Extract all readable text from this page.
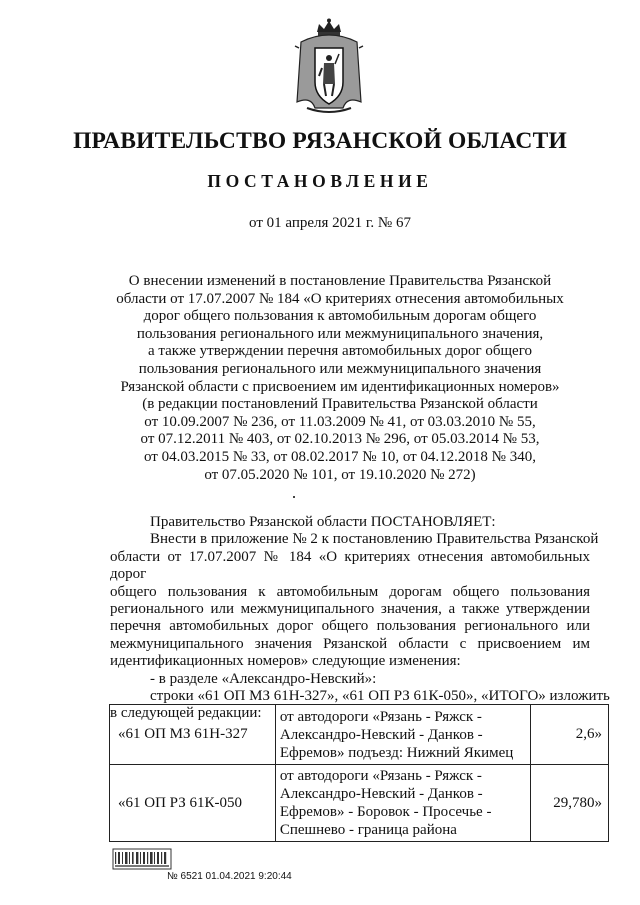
ПРАВИТЕЛЬСТВО РЯЗАНСКОЙ ОБЛАСТИ
ПОСТАНОВЛЕНИЕ
от 01 апреля 2021 г. № 67
О внесении изменений в постановление Правительства Рязанской
области от 17.07.2007 № 184 «О критериях отнесения автомобильных
дорог общего пользования к автомобильным дорогам общего
пользования регионального или межмуниципального значения,
а также утверждении перечня автомобильных дорог общего
пользования регионального или межмуниципального значения
Рязанской области с присвоением им идентификационных номеров»
(в редакции постановлений Правительства Рязанской области
от 10.09.2007 № 236, от 11.03.2009 № 41, от 03.03.2010 № 55,
от 07.12.2011 № 403, от 02.10.2013 № 296, от 05.03.2014 № 53,
от 04.03.2015 № 33, от 08.02.2017 № 10, от 04.12.2018 № 340,
от 07.05.2020 № 101, от 19.10.2020 № 272)
Правительство Рязанской области ПОСТАНОВЛЯЕТ:
Внести в приложение № 2 к постановлению Правительства Рязанской
области от 17.07.2007 № 184 «О критериях отнесения автомобильных дорог
общего пользования к автомобильным дорогам общего пользования
регионального или межмуниципального значения, а также утверждении
перечня автомобильных дорог общего пользования регионального или
межмуниципального значения Рязанской области с присвоением им
идентификационных номеров» следующие изменения:
- в разделе «Александро-Невский»:
строки «61 ОП МЗ 61Н-327», «61 ОП РЗ 61К-050», «ИТОГО» изложить
в следующей редакции:
«61 ОП МЗ 61Н-327	от автодороги «Рязань - Ряжск -
Александро-Невский - Данков -
Ефремов» подъезд: Нижний Якимец	2,6»
«61 ОП РЗ 61К-050	от автодороги «Рязань - Ряжск -
Александро-Невский - Данков -
Ефремов» - Боровок - Просечье -
Спешнево - граница района	29,780»
№ 6521 01.04.2021 9:20:44
